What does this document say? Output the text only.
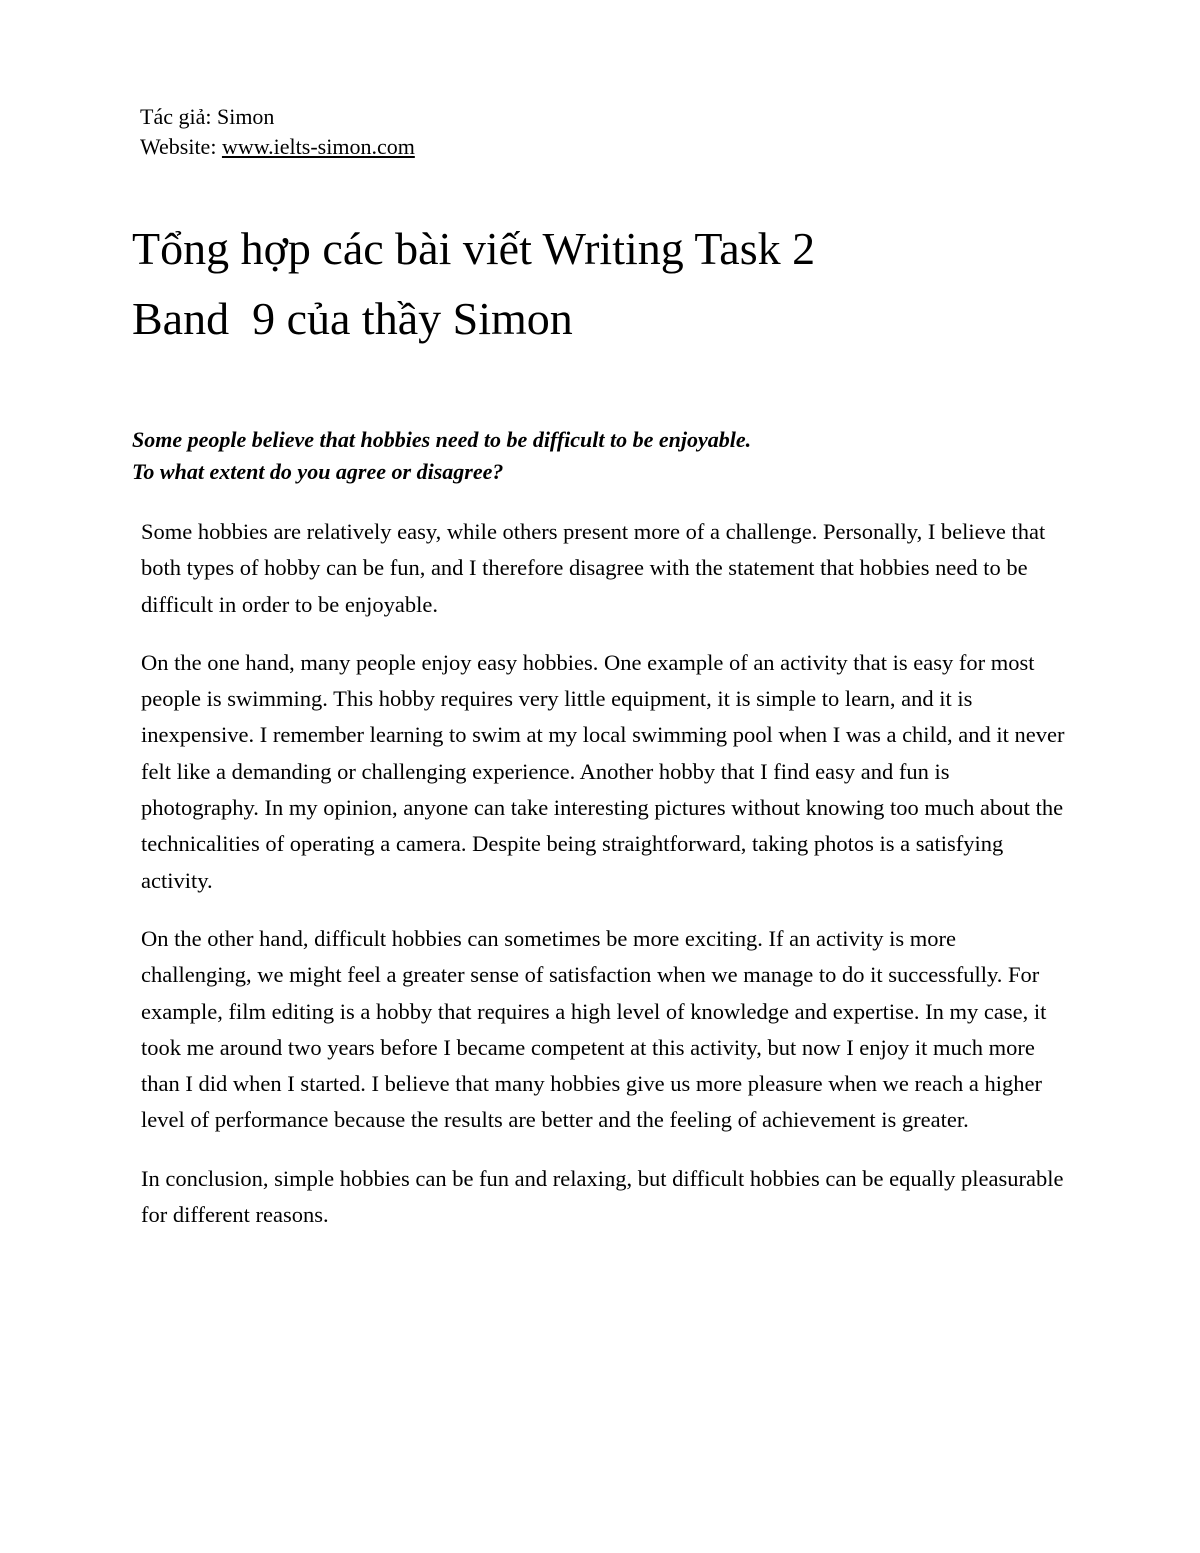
Tác giả: Simon
Website: www.ielts-simon.com
Tổng hợp các bài viết Writing Task 2
Band  9 của thầy Simon
Some people believe that hobbies need to be difficult to be enjoyable.
To what extent do you agree or disagree?

Some hobbies are relatively easy, while others present more of a challenge. Personally, I believe that both types of hobby can be fun, and I therefore disagree with the statement that hobbies need to be difficult in order to be enjoyable.

On the one hand, many people enjoy easy hobbies. One example of an activity that is easy for most people is swimming. This hobby requires very little equipment, it is simple to learn, and it is inexpensive. I remember learning to swim at my local swimming pool when I was a child, and it never felt like a demanding or challenging experience. Another hobby that I find easy and fun is photography. In my opinion, anyone can take interesting pictures without knowing too much about the technicalities of operating a camera. Despite being straightforward, taking photos is a satisfying activity.

On the other hand, difficult hobbies can sometimes be more exciting. If an activity is more challenging, we might feel a greater sense of satisfaction when we manage to do it successfully. For example, film editing is a hobby that requires a high level of knowledge and expertise. In my case, it took me around two years before I became competent at this activity, but now I enjoy it much more than I did when I started. I believe that many hobbies give us more pleasure when we reach a higher level of performance because the results are better and the feeling of achievement is greater.

In conclusion, simple hobbies can be fun and relaxing, but difficult hobbies can be equally pleasurable for different reasons.
